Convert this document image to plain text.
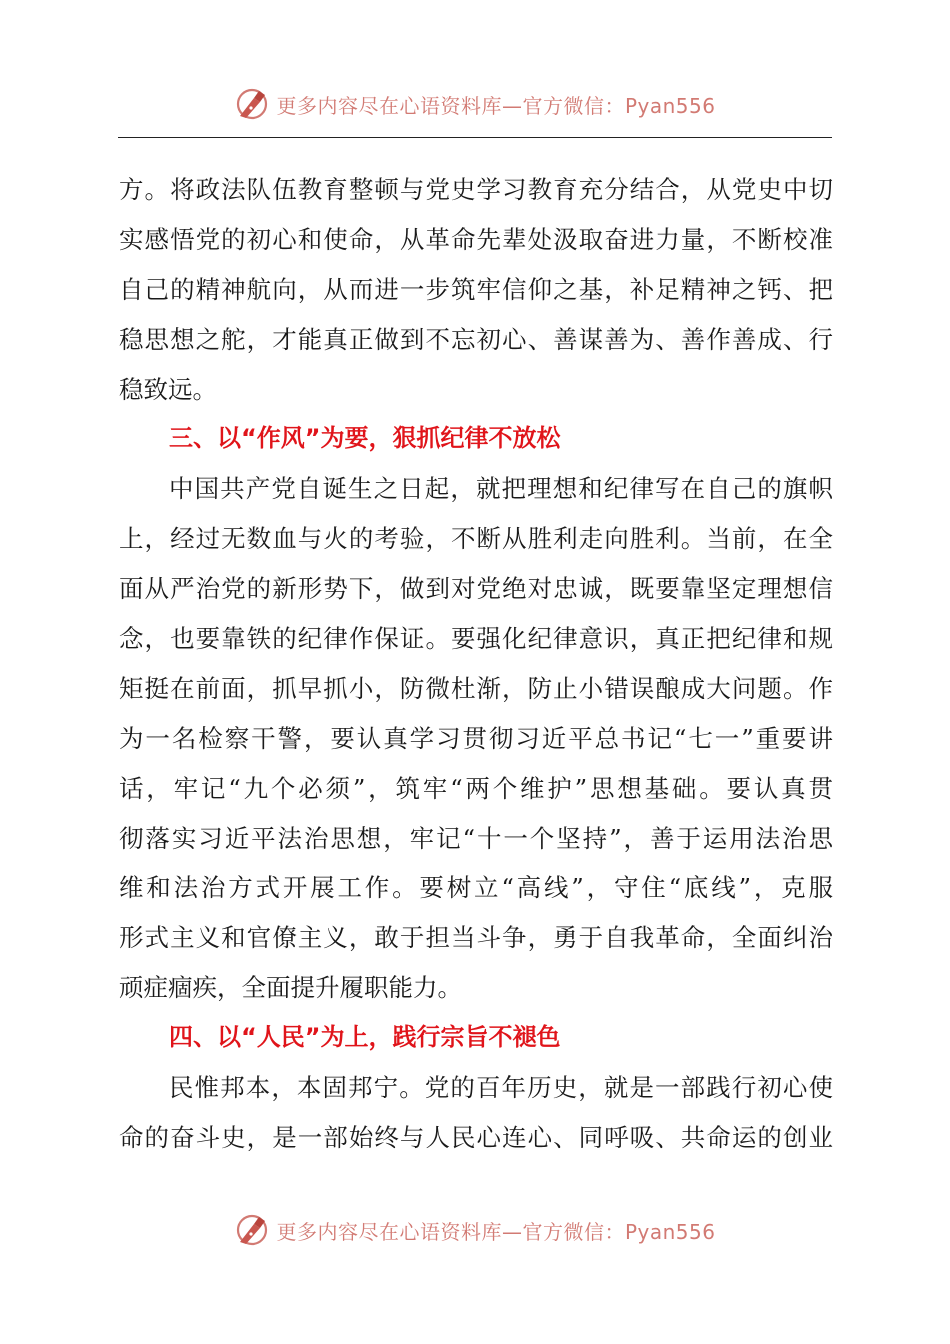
更多内容尽在心语资料库—官方微信：Pyan556
方。将政法队伍教育整顿与党史学习教育充分结合，从党史中切
实感悟党的初心和使命，从革命先辈处汲取奋进力量，不断校准
自己的精神航向，从而进一步筑牢信仰之基，补足精神之钙、把
稳思想之舵，才能真正做到不忘初心、善谋善为、善作善成、行
稳致远。
三、以“作风”为要，狠抓纪律不放松
中国共产党自诞生之日起，就把理想和纪律写在自己的旗帜
上，经过无数血与火的考验，不断从胜利走向胜利。当前，在全
面从严治党的新形势下，做到对党绝对忠诚，既要靠坚定理想信
念，也要靠铁的纪律作保证。要强化纪律意识，真正把纪律和规
矩挺在前面，抓早抓小，防微杜渐，防止小错误酿成大问题。作
为一名检察干警，要认真学习贯彻习近平总书记“七一”重要讲
话，牢记“九个必须”，筑牢“两个维护”思想基础。要认真贯
彻落实习近平法治思想，牢记“十一个坚持”，善于运用法治思
维和法治方式开展工作。要树立“高线”，守住“底线”，克服
形式主义和官僚主义，敢于担当斗争，勇于自我革命，全面纠治
顽症痼疾，全面提升履职能力。
四、以“人民”为上，践行宗旨不褪色
民惟邦本，本固邦宁。党的百年历史，就是一部践行初心使
命的奋斗史，是一部始终与人民心连心、同呼吸、共命运的创业
更多内容尽在心语资料库—官方微信：Pyan556
